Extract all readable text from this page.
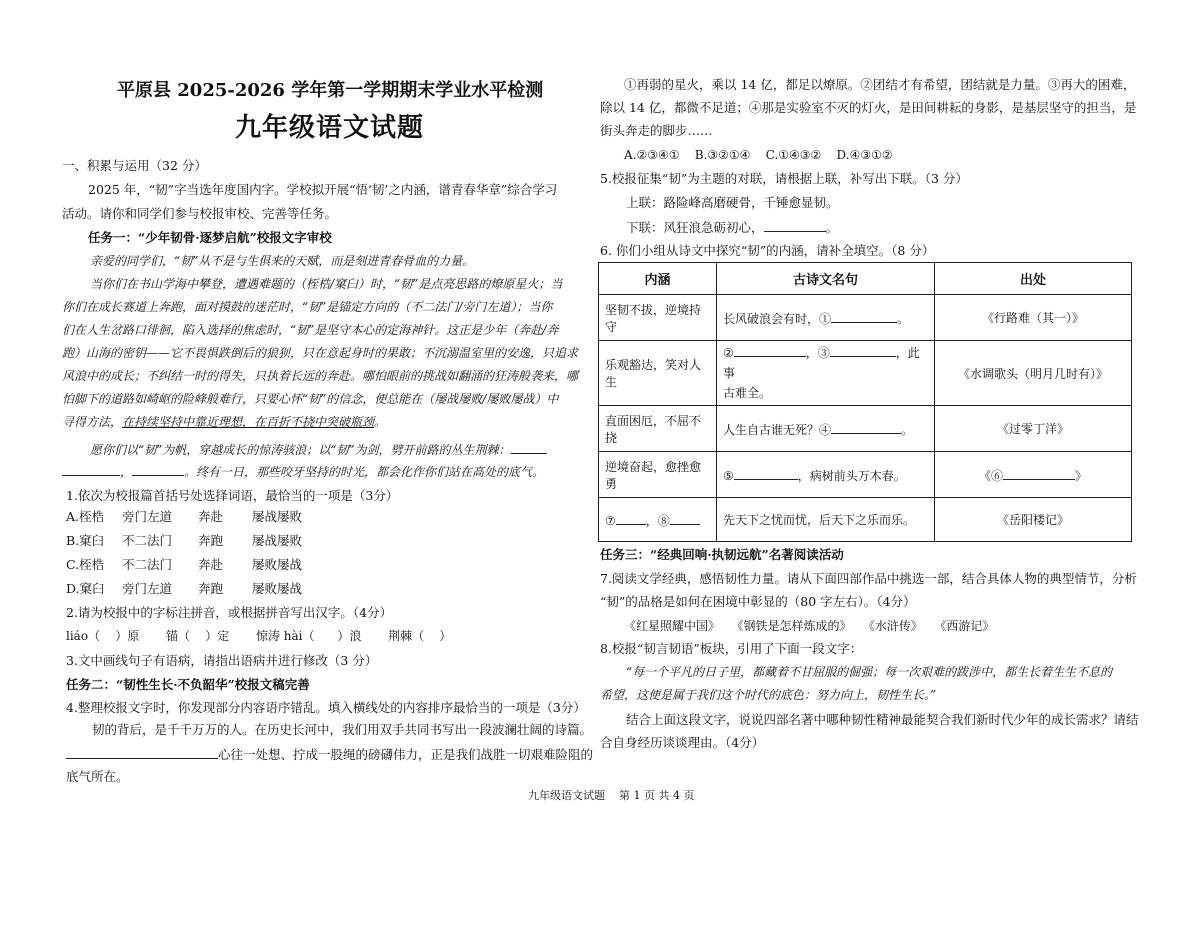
平原县 2025-2026 学年第一学期期末学业水平检测
九年级语文试题
一、积累与运用（32 分）
2025 年，“韧”字当选年度国内字。学校拟开展“悟‘韧’之内涵，谱青春华章”综合学习
活动。请你和同学们参与校报审校、完善等任务。
任务一：“少年韧骨·逐梦启航”校报文字审校
亲爱的同学们，“韧”从不是与生俱来的天赋，而是刻进青春骨血的力量。
当你们在书山学海中攀登，遭遇难题的（桎梏/窠臼）时，“韧”是点亮思路的燎原星火；当
你们在成长赛道上奔跑，面对摸鼓的迷茫时，“韧”是锚定方向的（不二法门/旁门左道）；当你
们在人生岔路口徘徊，陷入选择的焦虑时，“韧”是坚守本心的定海神针。这正是少年（奔赴/奔
跑）山海的密钥——它不畏惧跌倒后的狼狈，只在意起身时的果敢；不沉溺温室里的安逸，只追求
风浪中的成长；不纠结一时的得失，只执着长远的奔赴。哪怕眼前的挑战如翻涌的狂涛般袭来，哪
怕脚下的道路如崎岖的险峰般难行，只要心怀“韧”的信念，便总能在（屡战屡败/屡败屡战）中
寻得方法，在持续坚持中靠近理想，在百折不挠中突破瓶颈。
愿你们以“韧”为帆，穿越成长的惊涛骇浪；以“韧”为剑，劈开前路的丛生荆棘：
，	。终有一日，那些咬牙坚持的时光，都会化作你们站在高处的底气。
1.依次为校报篇首括号处选择词语，最恰当的一项是（3分）
A.桎梏 旁门左道 奔赴 屡战屡败
B.窠臼 不二法门 奔跑 屡战屡败
C.桎梏 不二法门 奔赴 屡败屡战
D.窠臼 旁门左道 奔跑 屡败屡战
2.请为校报中的字标注拼音，或根据拼音写出汉字。（4分）
liáo（    ）原       锚（    ）定       惊涛 hài（      ）浪       荆棘（    ）
3.文中画线句子有语病，请指出语病并进行修改（3 分）
任务二：“韧性生长·不负韶华”校报文稿完善
4.整理校报文字时，你发现部分内容语序错乱。填入横线处的内容排序最恰当的一项是（3分）
韧的背后，是千千万万的人。在历史长河中，我们用双手共同书写出一段波澜壮阔的诗篇。
心往一处想、拧成一股绳的磅礴伟力，正是我们战胜一切艰难险阻的
底气所在。
①再弱的星火，乘以 14 亿，都足以燎原。②团结才有希望，团结就是力量。③再大的困难，
除以 14 亿，都微不足道；④那是实验室不灭的灯火，是田间耕耘的身影，是基层坚守的担当，是
街头奔走的脚步……
A.②③④①    B.③②①④    C.①④③②    D.④③①②
5.校报征集“韧”为主题的对联，请根据上联，补写出下联。（3 分）
上联：路险峰高磨硬骨，千锤愈显韧。
下联：风狂浪急砺初心，	。
6. 你们小组从诗文中探究“韧”的内涵，请补全填空。（8 分）
内涵	古诗文名句	出处
坚韧不拔，逆境持守	长风破浪会有时，① 。	《行路难（其一）》
乐观豁达，笑对人生	② ，③ ，此事
古难全。	《水调歌头（明月几时有）》
直面困厄，不屈不挠	人生自古谁无死？④ 。	《过零丁洋》
逆境奋起，愈挫愈勇	⑤ ，病树前头万木春。	《⑥ 》
⑦ ，⑧	先天下之忧而忧，后天下之乐而乐。	《岳阳楼记》
任务三：“经典回响·执韧远航”名著阅读活动
7.阅读文学经典，感悟韧性力量。请从下面四部作品中挑选一部，结合具体人物的典型情节，分析
“韧”的品格是如何在困境中彰显的（80 字左右）。（4分）
《红星照耀中国》   《钢铁是怎样炼成的》   《水浒传》   《西游记》
8.校报“韧言韧语”板块，引用了下面一段文字：
“每一个平凡的日子里，都藏着不甘屈服的倔强；每一次艰难的跋涉中，都生长着生生不息的
希望，这便是属于我们这个时代的底色：努力向上，韧性生长。”
结合上面这段文字，说说四部名著中哪种韧性精神最能契合我们新时代少年的成长需求？请结
合自身经历谈谈理由。（4分）
九年级语文试题    第 1 页 共 4 页
